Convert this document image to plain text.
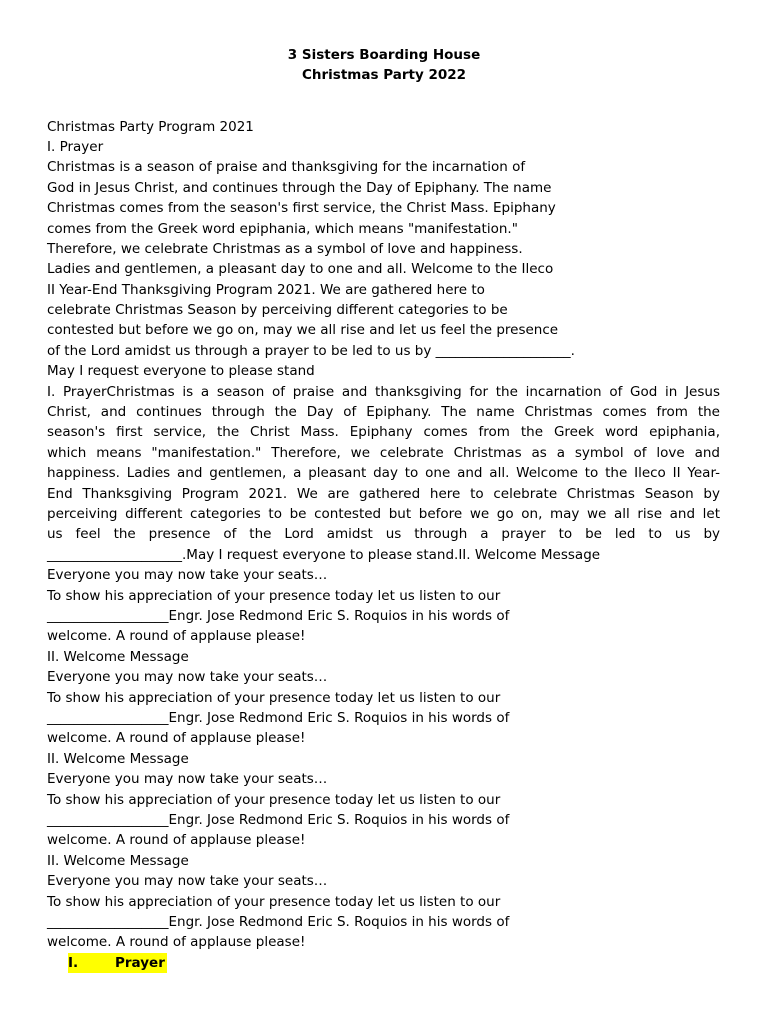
3 Sisters Boarding House
Christmas Party 2022
Christmas Party Program 2021
I. Prayer
Christmas is a season of praise and thanksgiving for the incarnation of
God in Jesus Christ, and continues through the Day of Epiphany. The name
Christmas comes from the season's first service, the Christ Mass. Epiphany
comes from the Greek word epiphania, which means "manifestation."
Therefore, we celebrate Christmas as a symbol of love and happiness.
Ladies and gentlemen, a pleasant day to one and all. Welcome to the Ileco
II Year-End Thanksgiving Program 2021. We are gathered here to
celebrate Christmas Season by perceiving different categories to be
contested but before we go on, may we all rise and let us feel the presence
of the Lord amidst us through a prayer to be led to us by ____________________.
May I request everyone to please stand
I. PrayerChristmas is a season of praise and thanksgiving for the incarnation of God in Jesus
Christ, and continues through the Day of Epiphany. The name Christmas comes from the
season's first service, the Christ Mass. Epiphany comes from the Greek word epiphania,
which means "manifestation." Therefore, we celebrate Christmas as a symbol of love and
happiness. Ladies and gentlemen, a pleasant day to one and all. Welcome to the Ileco II Year-
End Thanksgiving Program 2021. We are gathered here to celebrate Christmas Season by
perceiving different categories to be contested but before we go on, may we all rise and let
us feel the presence of the Lord amidst us through a prayer to be led to us by
____________________.May I request everyone to please stand.II. Welcome Message
Everyone you may now take your seats…
To show his appreciation of your presence today let us listen to our
__________________Engr. Jose Redmond Eric S. Roquios in his words of
welcome. A round of applause please!
II. Welcome Message
Everyone you may now take your seats…
To show his appreciation of your presence today let us listen to our
__________________Engr. Jose Redmond Eric S. Roquios in his words of
welcome. A round of applause please!
II. Welcome Message
Everyone you may now take your seats…
To show his appreciation of your presence today let us listen to our
__________________Engr. Jose Redmond Eric S. Roquios in his words of
welcome. A round of applause please!
II. Welcome Message
Everyone you may now take your seats…
To show his appreciation of your presence today let us listen to our
__________________Engr. Jose Redmond Eric S. Roquios in his words of
welcome. A round of applause please!
I.	Prayer
